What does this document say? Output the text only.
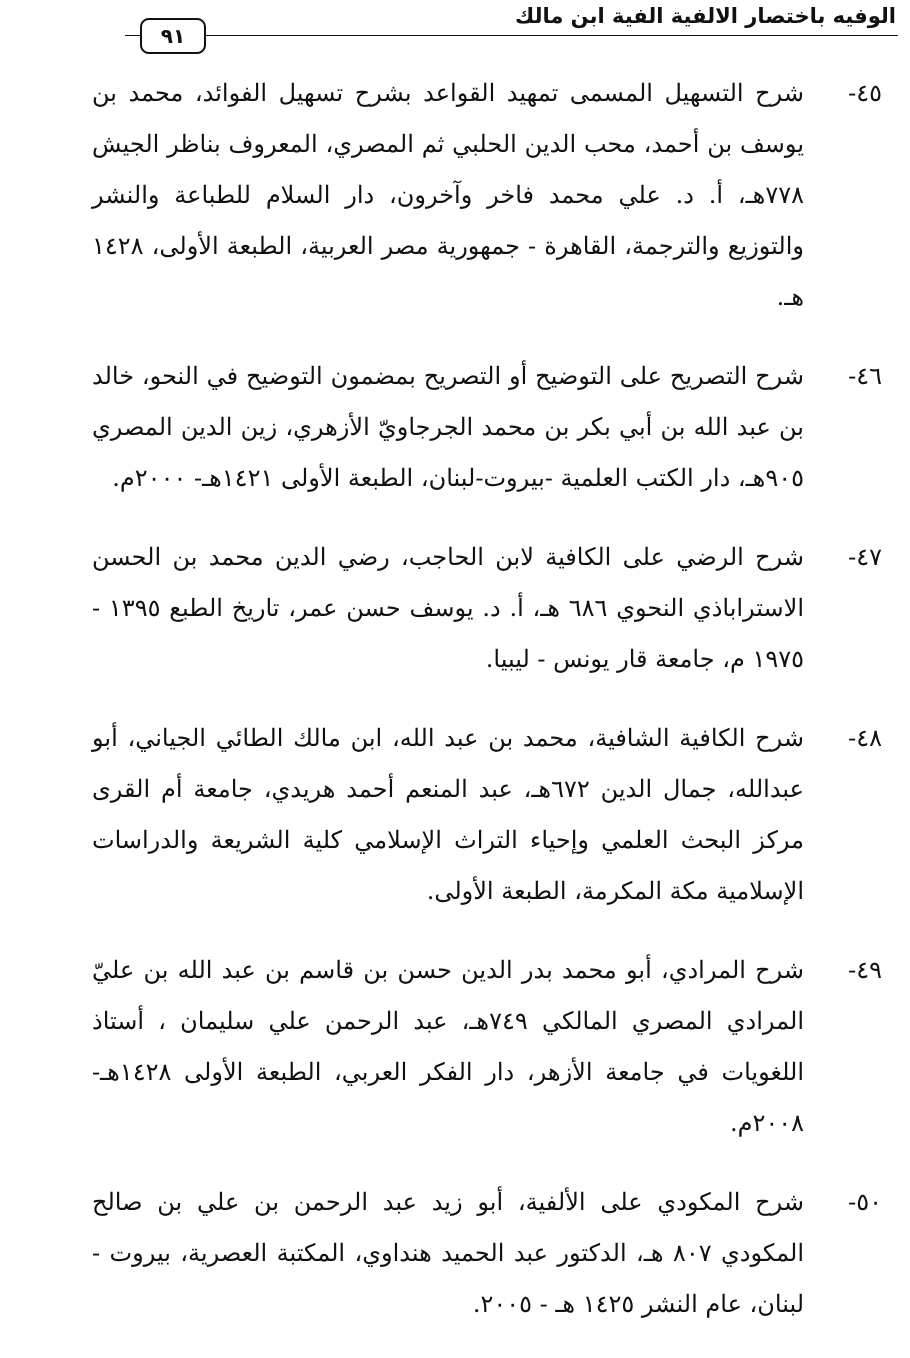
الوفيه باختصار الالفية الفية ابن مالك
٩١
٤٥-
شرح التسهيل المسمى تمهيد القواعد بشرح تسهيل الفوائد، محمد بن يوسف بن أحمد، محب الدين الحلبي ثم المصري، المعروف بناظر الجيش ٧٧٨هـ، أ. د. علي محمد فاخر وآخرون، دار السلام للطباعة والنشر والتوزيع والترجمة، القاهرة - جمهورية مصر العربية، الطبعة الأولى، ١٤٢٨ هـ.
٤٦-
شرح التصريح على التوضيح أو التصريح بمضمون التوضيح في النحو، خالد بن عبد الله بن أبي بكر بن محمد الجرجاويّ الأزهري، زين الدين المصري ٩٠٥هـ، دار الكتب العلمية -بيروت-لبنان، الطبعة الأولى ١٤٢١هـ- ٢٠٠٠م.
٤٧-
شرح الرضي على الكافية لابن الحاجب، رضي الدين محمد بن الحسن الاستراباذي النحوي ٦٨٦ هـ، أ. د. يوسف حسن عمر، تاريخ الطبع ١٣٩٥ - ١٩٧٥ م، جامعة قار يونس - ليبيا.
٤٨-
شرح الكافية الشافية، محمد بن عبد الله، ابن مالك الطائي الجياني، أبو عبدالله، جمال الدين ٦٧٢هـ، عبد المنعم أحمد هريدي، جامعة أم القرى مركز البحث العلمي وإحياء التراث الإسلامي كلية الشريعة والدراسات الإسلامية مكة المكرمة، الطبعة الأولى.
٤٩-
شرح المرادي، أبو محمد بدر الدين حسن بن قاسم بن عبد الله بن عليّ المرادي المصري المالكي ٧٤٩هـ، عبد الرحمن علي سليمان ، أستاذ اللغويات في جامعة الأزهر، دار الفكر العربي، الطبعة الأولى ١٤٢٨هـ- ٢٠٠٨م.
٥٠-
شرح المكودي على الألفية، أبو زيد عبد الرحمن بن علي بن صالح المكودي ٨٠٧ هـ، الدكتور عبد الحميد هنداوي، المكتبة العصرية، بيروت - لبنان، عام النشر ١٤٢٥ هـ - ٢٠٠٥.
